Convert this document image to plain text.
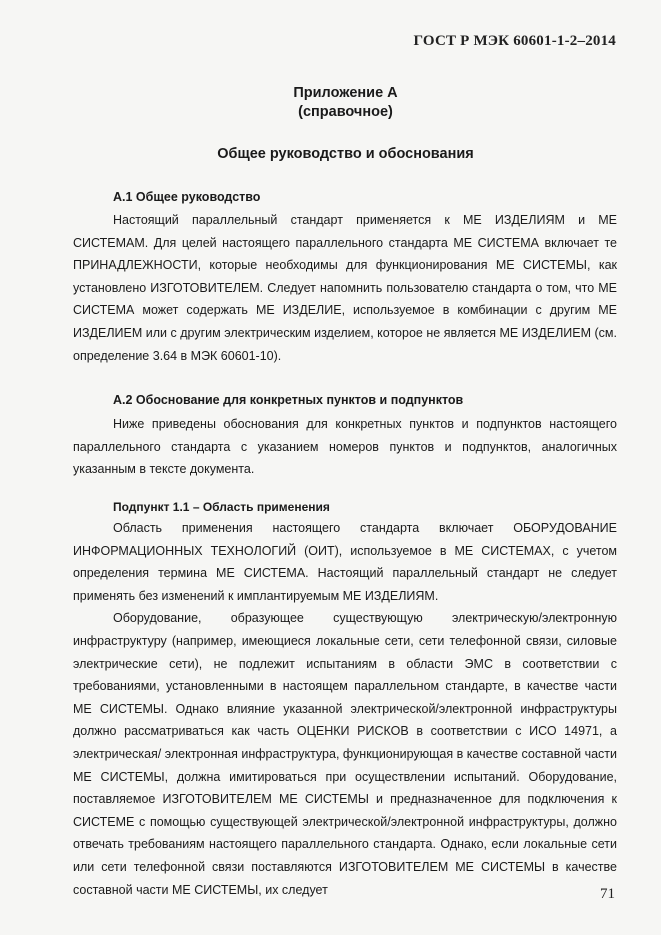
ГОСТ Р МЭК 60601-1-2–2014
Приложение А
(справочное)
Общее руководство и обоснования
А.1 Общее руководство

Настоящий параллельный стандарт применяется к МЕ ИЗДЕЛИЯМ и МЕ СИСТЕМАМ. Для целей настоящего параллельного стандарта МЕ СИСТЕМА включает те ПРИНАДЛЕЖНОСТИ, которые необходимы для функционирования МЕ СИСТЕМЫ, как установлено ИЗГОТОВИТЕЛЕМ. Следует напомнить пользователю стандарта о том, что МЕ СИСТЕМА может содержать МЕ ИЗДЕЛИЕ, используемое в комбинации с другим МЕ ИЗДЕЛИЕМ или с другим электрическим изделием, которое не является МЕ ИЗДЕЛИЕМ (см. определение 3.64 в МЭК 60601-10).

А.2 Обоснование для конкретных пунктов и подпунктов

Ниже приведены обоснования для конкретных пунктов и подпунктов настоящего параллельного стандарта с указанием номеров пунктов и подпунктов, аналогичных указанным в тексте документа.

Подпункт 1.1 – Область применения

Область применения настоящего стандарта включает ОБОРУДОВАНИЕ ИНФОРМАЦИОННЫХ ТЕХНОЛОГИЙ (ОИТ), используемое в МЕ СИСТЕМАХ, с учетом определения термина МЕ СИСТЕМА. Настоящий параллельный стандарт не следует применять без изменений к имплантируемым МЕ ИЗДЕЛИЯМ.

Оборудование, образующее существующую электрическую/электронную инфраструктуру (например, имеющиеся локальные сети, сети телефонной связи, силовые электрические сети), не подлежит испытаниям в области ЭМС в соответствии с требованиями, установленными в настоящем параллельном стандарте, в качестве части МЕ СИСТЕМЫ. Однако влияние указанной электрической/электронной инфраструктуры должно рассматриваться как часть ОЦЕНКИ РИСКОВ в соответствии с ИСО 14971, а электрическая/ электронная инфраструктура, функционирующая в качестве составной части МЕ СИСТЕМЫ, должна имитироваться при осуществлении испытаний. Оборудование, поставляемое ИЗГОТОВИТЕЛЕМ МЕ СИСТЕМЫ и предназначенное для подключения к СИСТЕМЕ с помощью существующей электрической/электронной инфраструктуры, должно отвечать требованиям настоящего параллельного стандарта. Однако, если локальные сети или сети телефонной связи поставляются ИЗГОТОВИТЕЛЕМ МЕ СИСТЕМЫ в качестве составной части МЕ СИСТЕМЫ, их следует	71
